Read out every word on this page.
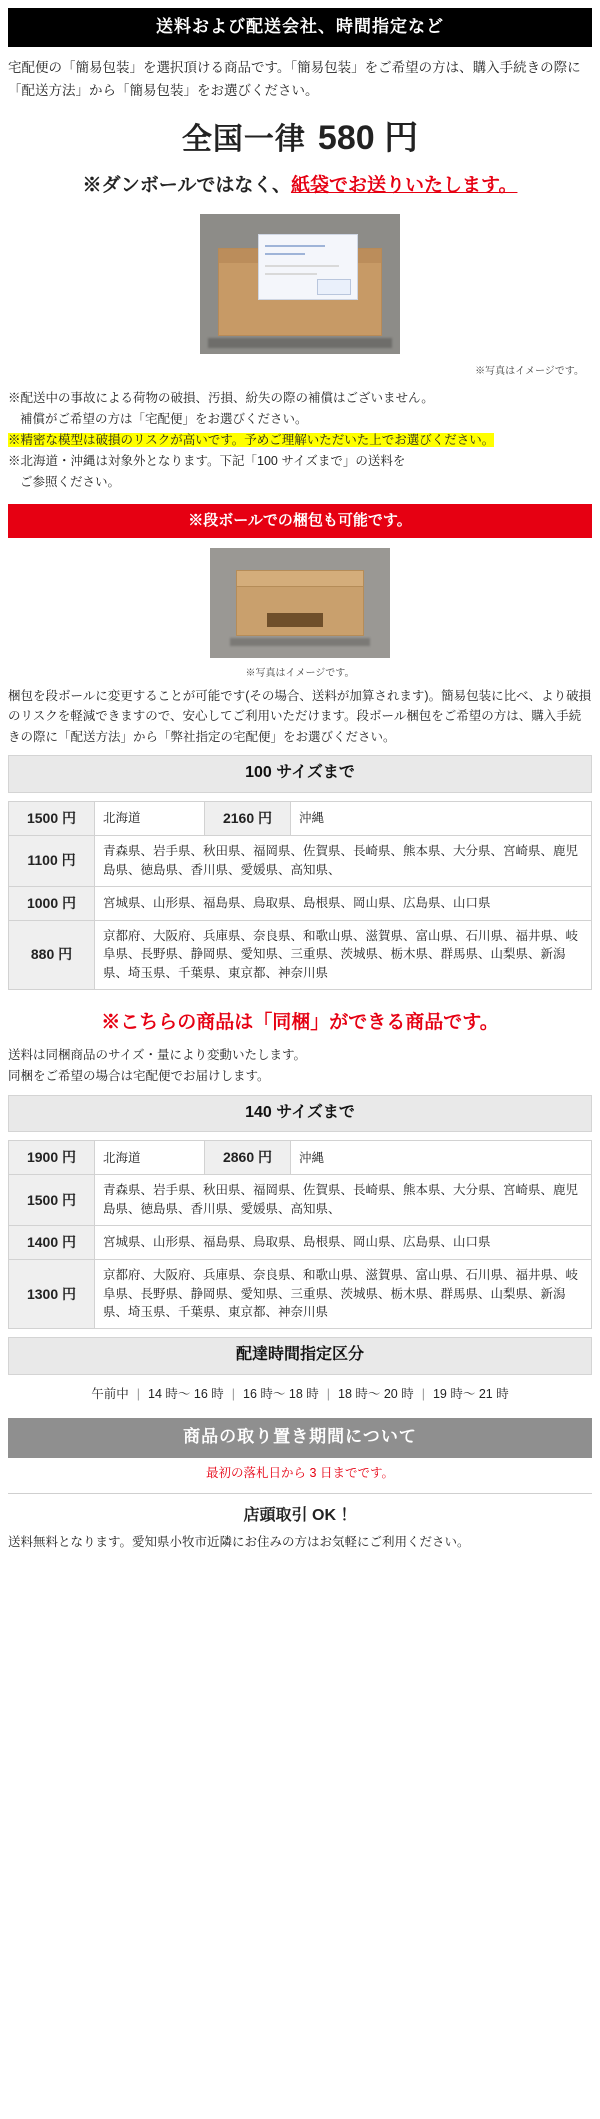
送料および配送会社、時間指定など

宅配便の「簡易包装」を選択頂ける商品です。「簡易包装」をご希望の方は、購入手続きの際に「配送方法」から「簡易包装」をお選びください。

全国一律 580 円
※ダンボールではなく、紙袋でお送りいたします。
※写真はイメージです。

※配送中の事故による荷物の破損、汚損、紛失の際の補償はございません。

補償がご希望の方は「宅配便」をお選びください。

※精密な模型は破損のリスクが高いです。予めご理解いただいた上でお選びください。

※北海道・沖縄は対象外となります。下記「100 サイズまで」の送料を

ご参照ください。

※段ボールでの梱包も可能です。
※写真はイメージです。

梱包を段ボールに変更することが可能です(その場合、送料が加算されます)。簡易包装に比べ、より破損のリスクを軽減できますので、安心してご利用いただけます。段ボール梱包をご希望の方は、購入手続きの際に「配送方法」から「弊社指定の宅配便」をお選びください。

100 サイズまで
1500 円	北海道	2160 円	沖縄
1100 円	青森県、岩手県、秋田県、福岡県、佐賀県、長崎県、熊本県、大分県、宮崎県、鹿児島県、徳島県、香川県、愛媛県、高知県、		
1000 円	宮城県、山形県、福島県、鳥取県、島根県、岡山県、広島県、山口県		
880 円	京都府、大阪府、兵庫県、奈良県、和歌山県、滋賀県、富山県、石川県、福井県、岐阜県、長野県、静岡県、愛知県、三重県、茨城県、栃木県、群馬県、山梨県、新潟県、埼玉県、千葉県、東京都、神奈川県		
※こちらの商品は「同梱」ができる商品です。

送料は同梱商品のサイズ・量により変動いたします。

同梱をご希望の場合は宅配便でお届けします。

140 サイズまで
1900 円	北海道	2860 円	沖縄
1500 円	青森県、岩手県、秋田県、福岡県、佐賀県、長崎県、熊本県、大分県、宮崎県、鹿児島県、徳島県、香川県、愛媛県、高知県、		
1400 円	宮城県、山形県、福島県、鳥取県、島根県、岡山県、広島県、山口県		
1300 円	京都府、大阪府、兵庫県、奈良県、和歌山県、滋賀県、富山県、石川県、福井県、岐阜県、長野県、静岡県、愛知県、三重県、茨城県、栃木県、群馬県、山梨県、新潟県、埼玉県、千葉県、東京都、神奈川県		
配達時間指定区分
午前中 | 14 時〜 16 時 | 16 時〜 18 時 | 18 時〜 20 時 | 19 時〜 21 時
商品の取り置き期間について
最初の落札日から 3 日までです。
店頭取引 OK ！

送料無料となります。愛知県小牧市近隣にお住みの方はお気軽にご利用ください。
